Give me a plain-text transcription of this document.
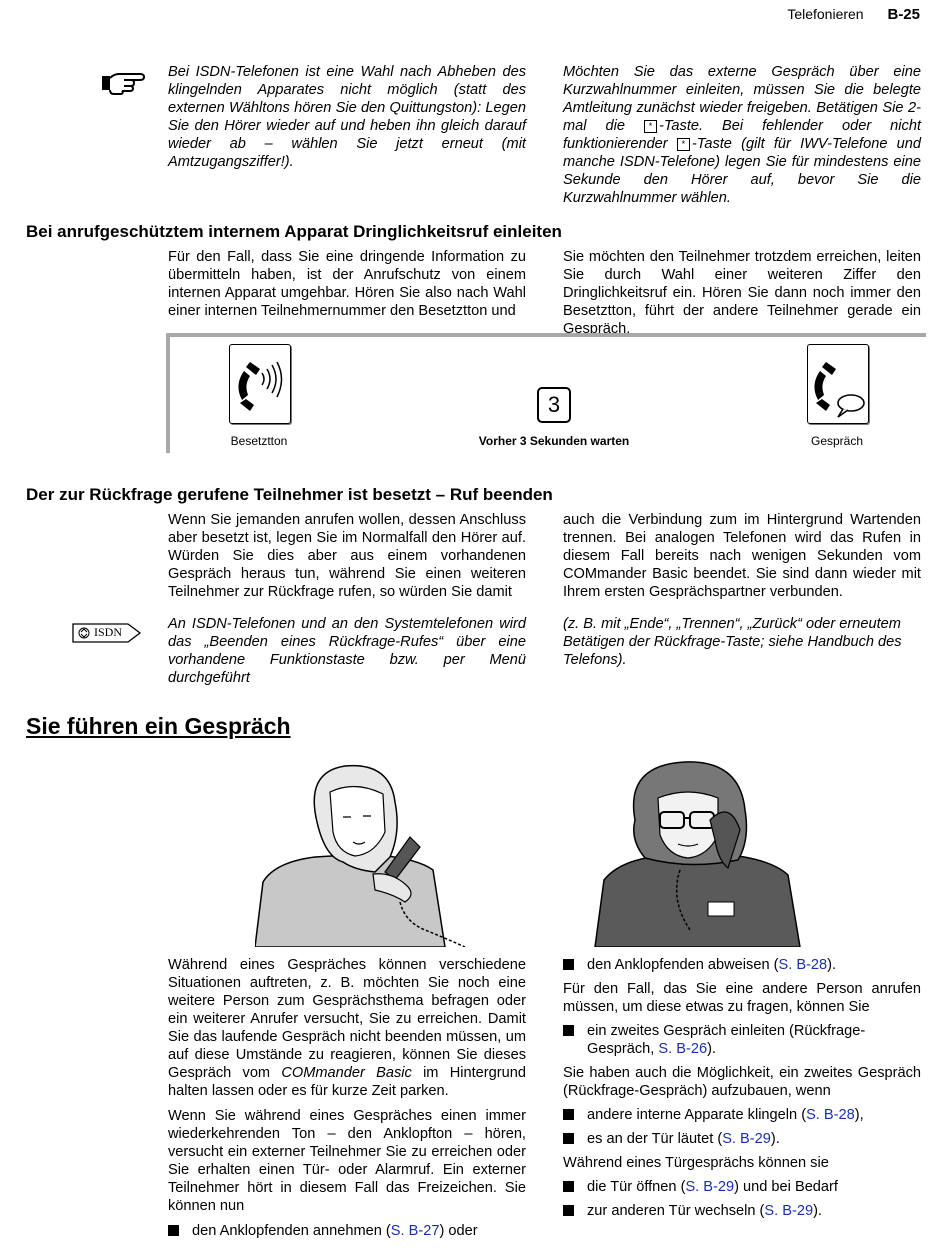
Telefonieren B-25

Bei ISDN-Telefonen ist eine Wahl nach Abheben des klingelnden Apparates nicht möglich (statt des externen Wähltons hören Sie den Quittungston): Legen Sie den Hörer wieder auf und heben ihn gleich darauf wieder ab – wählen Sie jetzt erneut (mit Amtzugangsziffer!).

Möchten Sie das externe Gespräch über eine Kurzwahlnummer einleiten, müssen Sie die belegte Amtleitung zunächst wieder freigeben. Betätigen Sie 2-mal die	* -Taste. Bei fehlender oder nicht funktionierender * -Taste (gilt für IWV-Telefone und manche ISDN-Telefone) legen Sie für mindestens eine Sekunde den Hörer auf, bevor Sie die Kurzwahlnummer wählen.

Bei anrufgeschütztem internem Apparat Dringlichkeitsruf einleiten

Für den Fall, dass Sie eine dringende Information zu übermitteln haben, ist der Anrufschutz von einem internen Apparat umgehbar. Hören Sie also nach Wahl einer internen Teilnehmernummer den Besetztton und

Sie möchten den Teilnehmer trotzdem erreichen, leiten Sie durch Wahl einer weiteren Ziffer den Dringlichkeitsruf ein. Hören Sie dann noch immer den Besetztton, führt der andere Teilnehmer gerade ein Gespräch.

Besetztton
3
Vorher 3 Sekunden warten	Gespräch
Der zur Rückfrage gerufene Teilnehmer ist besetzt – Ruf beenden

Wenn Sie jemanden anrufen wollen, dessen Anschluss aber besetzt ist, legen Sie im Normalfall den Hörer auf. Würden Sie dies aber aus einem vorhandenen Gespräch heraus tun, während Sie einen weiteren Teilnehmer zur Rückfrage rufen, so würden Sie damit

auch die Verbindung zum im Hintergrund Wartenden trennen. Bei analogen Telefonen wird das Rufen in diesem Fall bereits nach wenigen Sekunden vom COMmander Basic beendet. Sie sind dann wieder mit Ihrem ersten Gesprächspartner verbunden.

ISDN	An ISDN-Telefonen und an den Systemtelefonen wird das „Beenden eines Rückfrage-Rufes“ über eine vorhandene Funktionstaste bzw. per Menü durchgeführt

(z. B. mit „Ende“, „Trennen“, „Zurück“ oder erneutem Betätigen der Rückfrage-Taste; siehe Handbuch des Telefons).

Sie führen ein Gespräch

Während eines Gespräches können verschiedene Situationen auftreten, z. B. möchten Sie noch eine weitere Person zum Gesprächsthema befragen oder ein weiterer Anrufer versucht, Sie zu erreichen. Damit Sie das laufende Gespräch nicht beenden müssen, um auf diese Umstände zu reagieren, können Sie dieses Gespräch vom COMmander Basic im Hintergrund halten lassen oder es für kurze Zeit parken.

Wenn Sie während eines Gespräches einen immer wiederkehrenden Ton – den Anklopfton – hören, versucht ein externer Teilnehmer Sie zu erreichen oder Sie erhalten einen Tür- oder Alarmruf. Ein externer Teilnehmer hört in diesem Fall das Freizeichen. Sie können nun

den Anklopfenden annehmen (S. B-27) oder

den Anklopfenden abweisen (S. B-28).

Für den Fall, das Sie eine andere Person anrufen müssen, um diese etwas zu fragen, können Sie

ein zweites Gespräch einleiten (Rückfrage-Gespräch, S. B-26).

Sie haben auch die Möglichkeit, ein zweites Gespräch (Rückfrage-Gespräch) aufzubauen, wenn

andere interne Apparate klingeln (S. B-28),

es an der Tür läutet (S. B-29).

Während eines Türgesprächs können sie

die Tür öffnen (S. B-29) und bei Bedarf

zur anderen Tür wechseln (S. B-29).
